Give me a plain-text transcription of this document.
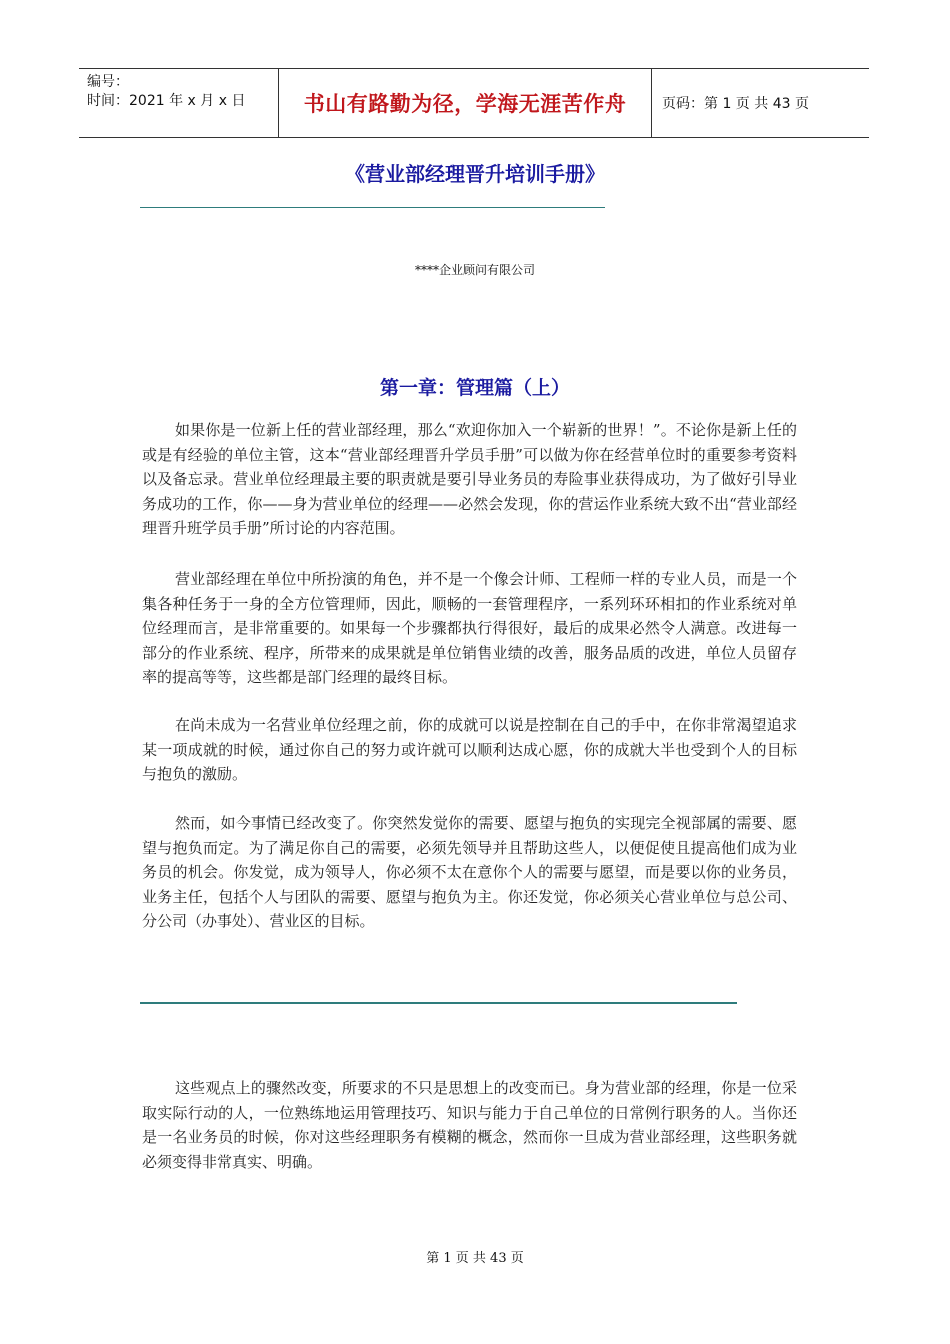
编号：
时间：2021 年 x 月 x 日	书山有路勤为径，学海无涯苦作舟	页码：第 1 页 共 43 页
《营业部经理晋升培训手册》
****企业顾问有限公司
第一章：管理篇（上）

如果你是一位新上任的营业部经理，那么“欢迎你加入一个崭新的世界！”。不论你是新上任的或是有经验的单位主管，这本“营业部经理晋升学员手册”可以做为你在经营单位时的重要参考资料以及备忘录。营业单位经理最主要的职责就是要引导业务员的寿险事业获得成功，为了做好引导业务成功的工作，你——身为营业单位的经理——必然会发现，你的营运作业系统大致不出“营业部经理晋升班学员手册”所讨论的内容范围。

营业部经理在单位中所扮演的角色，并不是一个像会计师、工程师一样的专业人员，而是一个集各种任务于一身的全方位管理师，因此，顺畅的一套管理程序，一系列环环相扣的作业系统对单位经理而言，是非常重要的。如果每一个步骤都执行得很好，最后的成果必然令人满意。改进每一部分的作业系统、程序，所带来的成果就是单位销售业绩的改善，服务品质的改进，单位人员留存率的提高等等，这些都是部门经理的最终目标。

在尚未成为一名营业单位经理之前，你的成就可以说是控制在自己的手中，在你非常渴望追求某一项成就的时候，通过你自己的努力或许就可以顺利达成心愿，你的成就大半也受到个人的目标与抱负的激励。

然而，如今事情已经改变了。你突然发觉你的需要、愿望与抱负的实现完全视部属的需要、愿望与抱负而定。为了满足你自己的需要，必须先领导并且帮助这些人，以便促使且提高他们成为业务员的机会。你发觉，成为领导人，你必须不太在意你个人的需要与愿望，而是要以你的业务员，业务主任，包括个人与团队的需要、愿望与抱负为主。你还发觉，你必须关心营业单位与总公司、分公司（办事处）、营业区的目标。

这些观点上的骤然改变，所要求的不只是思想上的改变而已。身为营业部的经理，你是一位采取实际行动的人，一位熟练地运用管理技巧、知识与能力于自己单位的日常例行职务的人。当你还是一名业务员的时候，你对这些经理职务有模糊的概念，然而你一旦成为营业部经理，这些职务就必须变得非常真实、明确。

第 1 页 共 43 页
